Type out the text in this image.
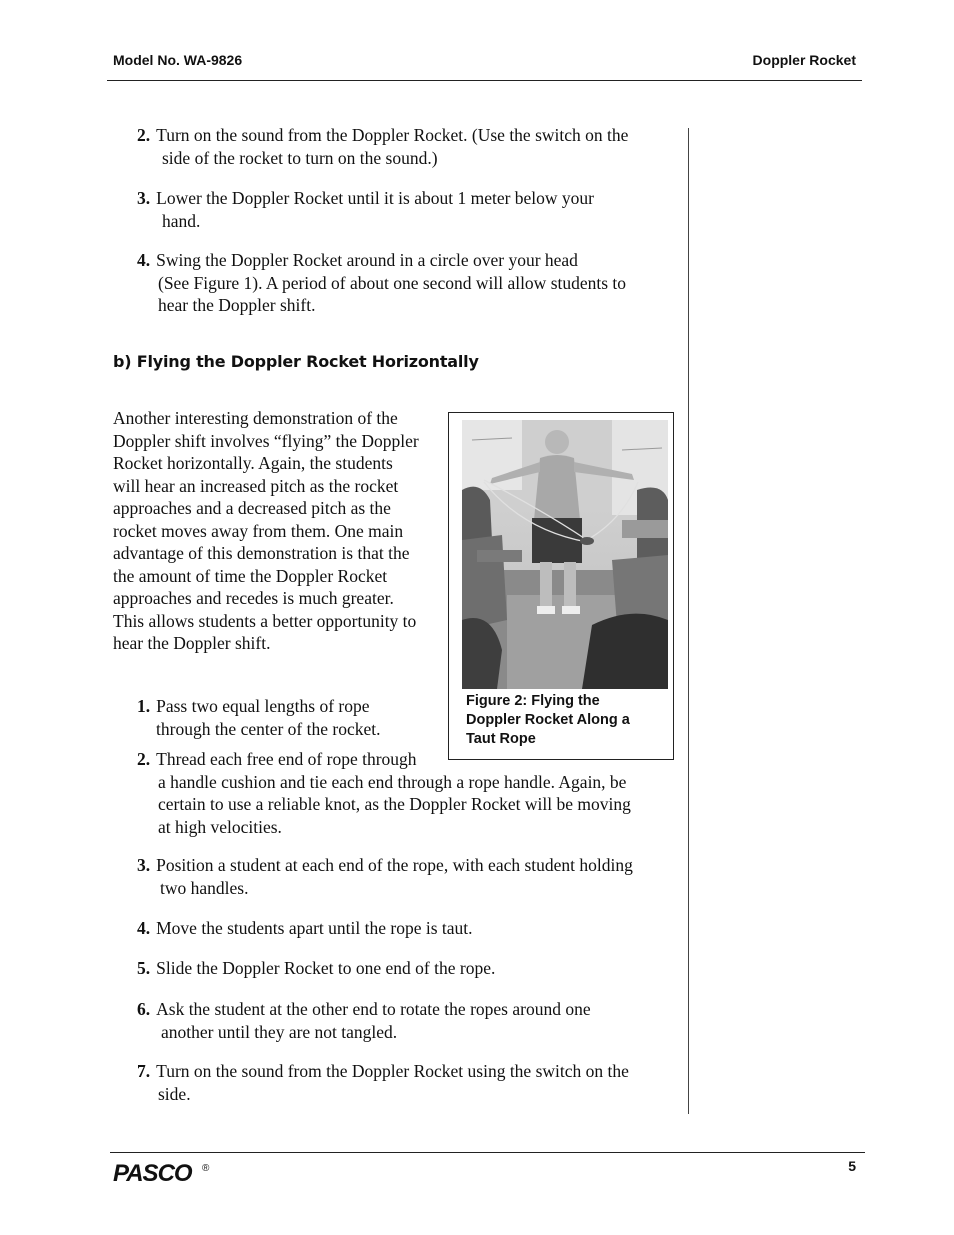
Model No. WA-9826	Doppler Rocket
2. Turn on the sound from the Doppler Rocket. (Use the switch on the
side of the rocket to turn on the sound.)
3. Lower the Doppler Rocket until it is about 1 meter below your
hand.
4. Swing the Doppler Rocket around in a circle over your head
(See Figure 1). A period of about one second will allow students to
hear the Doppler shift.
b) Flying the Doppler Rocket Horizontally
Another interesting demonstration of the
Doppler shift involves “flying” the Doppler
Rocket horizontally. Again, the students
will hear an increased pitch as the rocket
approaches and a decreased pitch as the
rocket moves away from them. One main
advantage of this demonstration is that the
the amount of time the Doppler Rocket
approaches and recedes is much greater.
This allows students a better opportunity to
hear the Doppler shift.
Figure 2: Flying the
Doppler Rocket Along a
Taut Rope
1. Pass two equal lengths of rope
through the center of the rocket.
2. Thread each free end of rope through
a handle cushion and tie each end through a rope handle. Again, be
certain to use a reliable knot, as the Doppler Rocket will be moving
at high velocities.
3. Position a student at each end of the rope, with each student holding
two handles.
4. Move the students apart until the rope is taut.
5. Slide the Doppler Rocket to one end of the rope.
6. Ask the student at the other end to rotate the ropes around one
another until they are not tangled.
7. Turn on the sound from the Doppler Rocket using the switch on the
side.
PASCO ®	5
